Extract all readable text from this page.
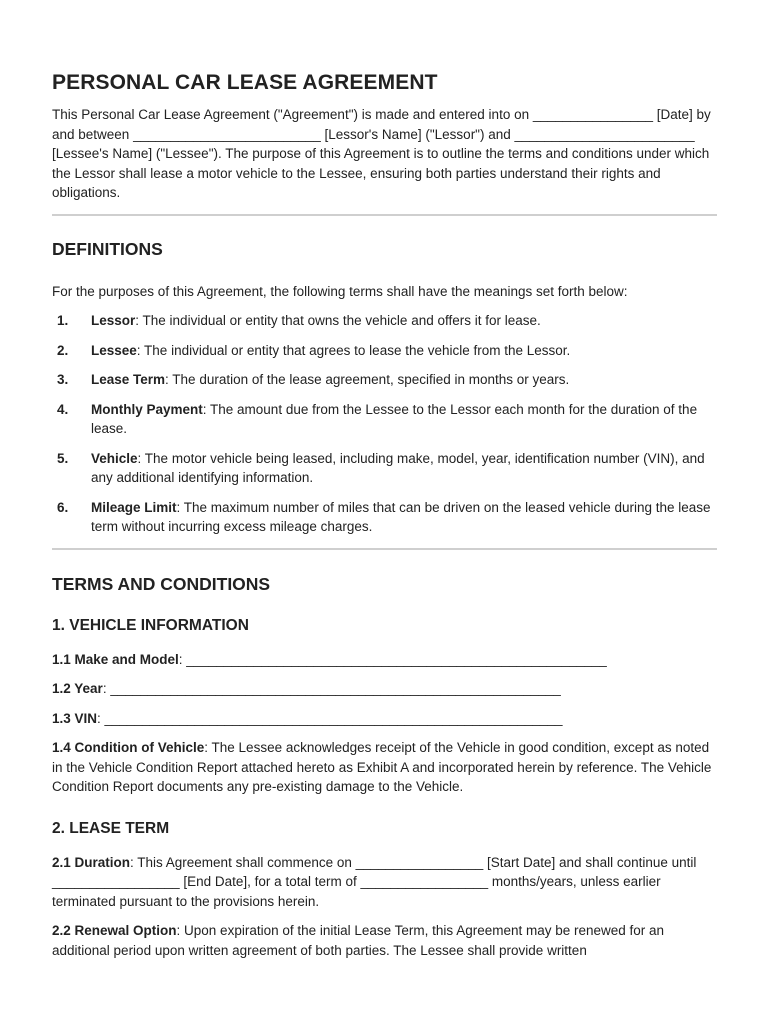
PERSONAL CAR LEASE AGREEMENT

This Personal Car Lease Agreement ("Agreement") is made and entered into on ________________ [Date] by and between _________________________ [Lessor's Name] ("Lessor") and ________________________ [Lessee's Name] ("Lessee"). The purpose of this Agreement is to outline the terms and conditions under which the Lessor shall lease a motor vehicle to the Lessee, ensuring both parties understand their rights and obligations.

DEFINITIONS

For the purposes of this Agreement, the following terms shall have the meanings set forth below:

1. Lessor: The individual or entity that owns the vehicle and offers it for lease.
2. Lessee: The individual or entity that agrees to lease the vehicle from the Lessor.
3. Lease Term: The duration of the lease agreement, specified in months or years.
4. Monthly Payment: The amount due from the Lessee to the Lessor each month for the duration of the lease.
5. Vehicle: The motor vehicle being leased, including make, model, year, identification number (VIN), and any additional identifying information.
6. Mileage Limit: The maximum number of miles that can be driven on the leased vehicle during the lease term without incurring excess mileage charges.
TERMS AND CONDITIONS
1. VEHICLE INFORMATION

1.1 Make and Model: ________________________________________________________

1.2 Year: ____________________________________________________________

1.3 VIN: _____________________________________________________________

1.4 Condition of Vehicle: The Lessee acknowledges receipt of the Vehicle in good condition, except as noted in the Vehicle Condition Report attached hereto as Exhibit A and incorporated herein by reference. The Vehicle Condition Report documents any pre-existing damage to the Vehicle.

2. LEASE TERM

2.1 Duration: This Agreement shall commence on _________________ [Start Date] and shall continue until _________________ [End Date], for a total term of _________________ months/years, unless earlier terminated pursuant to the provisions herein.

2.2 Renewal Option: Upon expiration of the initial Lease Term, this Agreement may be renewed for an additional period upon written agreement of both parties. The Lessee shall provide written
